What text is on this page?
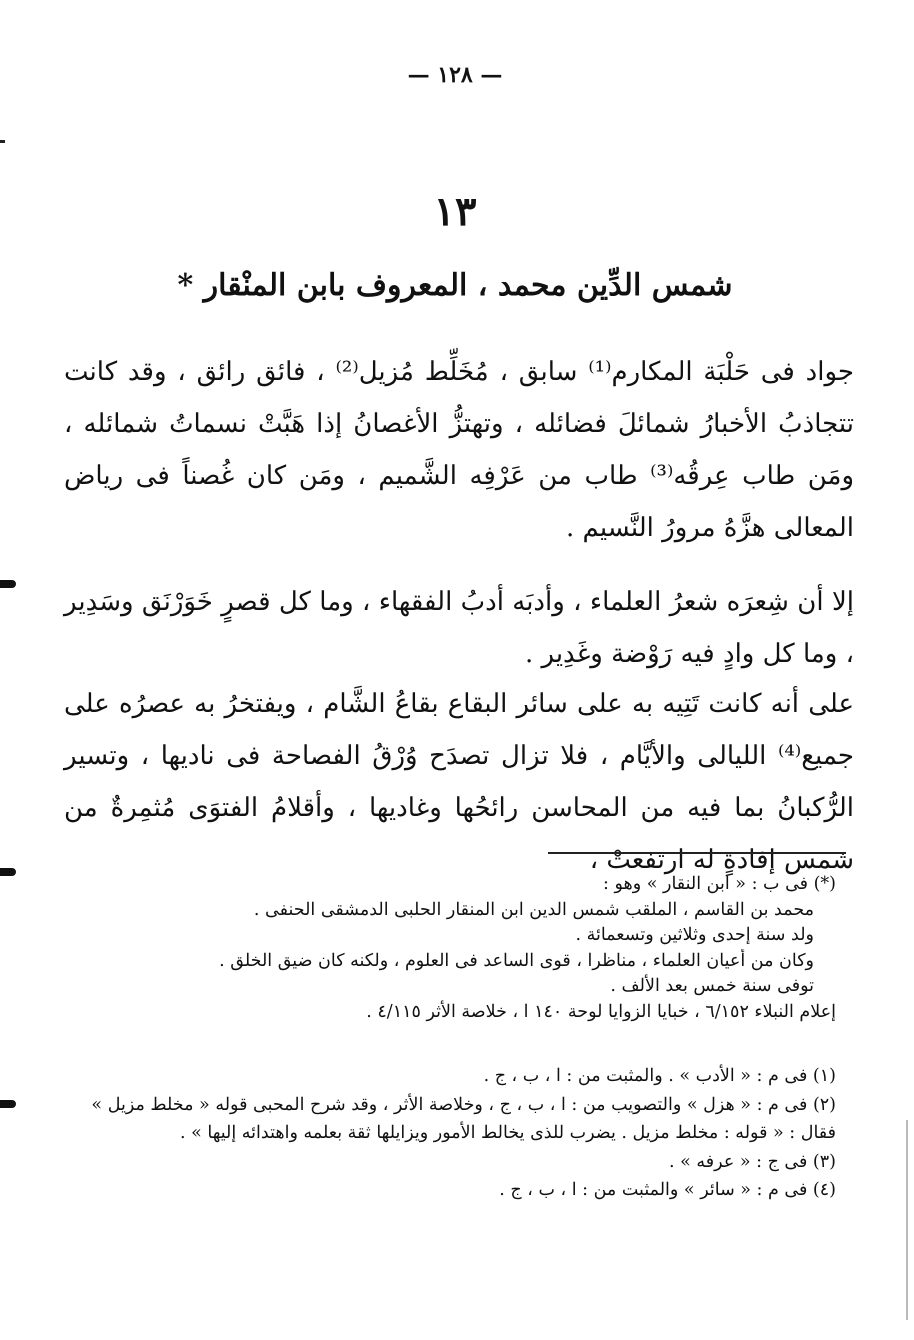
— ١٢٨ —
١٣
شمس الدِّين محمد ، المعروف بابن المنْقار *
جواد فى حَلْبَة المكارم⁽¹⁾ سابق ، مُخَلِّط مُزيل⁽²⁾ ، فائق رائق ، وقد كانت تتجاذبُ الأخبارُ شمائلَ فضائله ، وتهتزُّ الأغصانُ إذا هَبَّتْ نسماتُ شمائله ، ومَن طاب عِرقُه⁽³⁾ طاب من عَرْفِه الشَّميم ، ومَن كان غُصناً فى رياض المعالى هزَّهُ مرورُ النَّسيم .
إلا أن شِعرَه شعرُ العلماء ، وأدبَه أدبُ الفقهاء ، وما كل قصرٍ خَوَرْنَق وسَدِير ، وما كل وادٍ فيه رَوْضة وغَدِير .
على أنه كانت تَتِيه به على سائر البقاع بقاعُ الشَّام ، ويفتخرُ به عصرُه على جميع⁽⁴⁾ الليالى والأيَّام ، فلا تزال تصدَح وُرْقُ الفصاحة فى ناديها ، وتسير الرُّكبانُ بما فيه من المحاسن رائحُها وغاديها ، وأقلامُ الفتوَى مُثمِرةٌ من شمس إفادةٍ له ارتفعتْ ،

(*) فى ب : « ابن النقار » وهو :

محمد بن القاسم ، الملقب شمس الدين ابن المنقار الحلبى الدمشقى الحنفى .

ولد سنة إحدى وثلاثين وتسعمائة .

وكان من أعيان العلماء ، مناظرا ، قوى الساعد فى العلوم ، ولكنه كان ضيق الخلق .

توفى سنة خمس بعد الألف .

إعلام النبلاء ٦/١٥٢ ، خبايا الزوايا لوحة ١٤٠ ا ، خلاصة الأثر ٤/١١٥ .

(١) فى م : « الأدب » . والمثبت من : ا ، ب ، ج .

(٢) فى م : « هزل » والتصويب من : ا ، ب ، ج ، وخلاصة الأثر ، وقد شرح المحبى قوله « مخلط مزيل » فقال : « قوله : مخلط مزيل . يضرب للذى يخالط الأمور ويزايلها ثقة بعلمه واهتدائه إليها » .

(٣) فى ج : « عرفه » .

(٤) فى م : « سائر » والمثبت من : ا ، ب ، ج .
